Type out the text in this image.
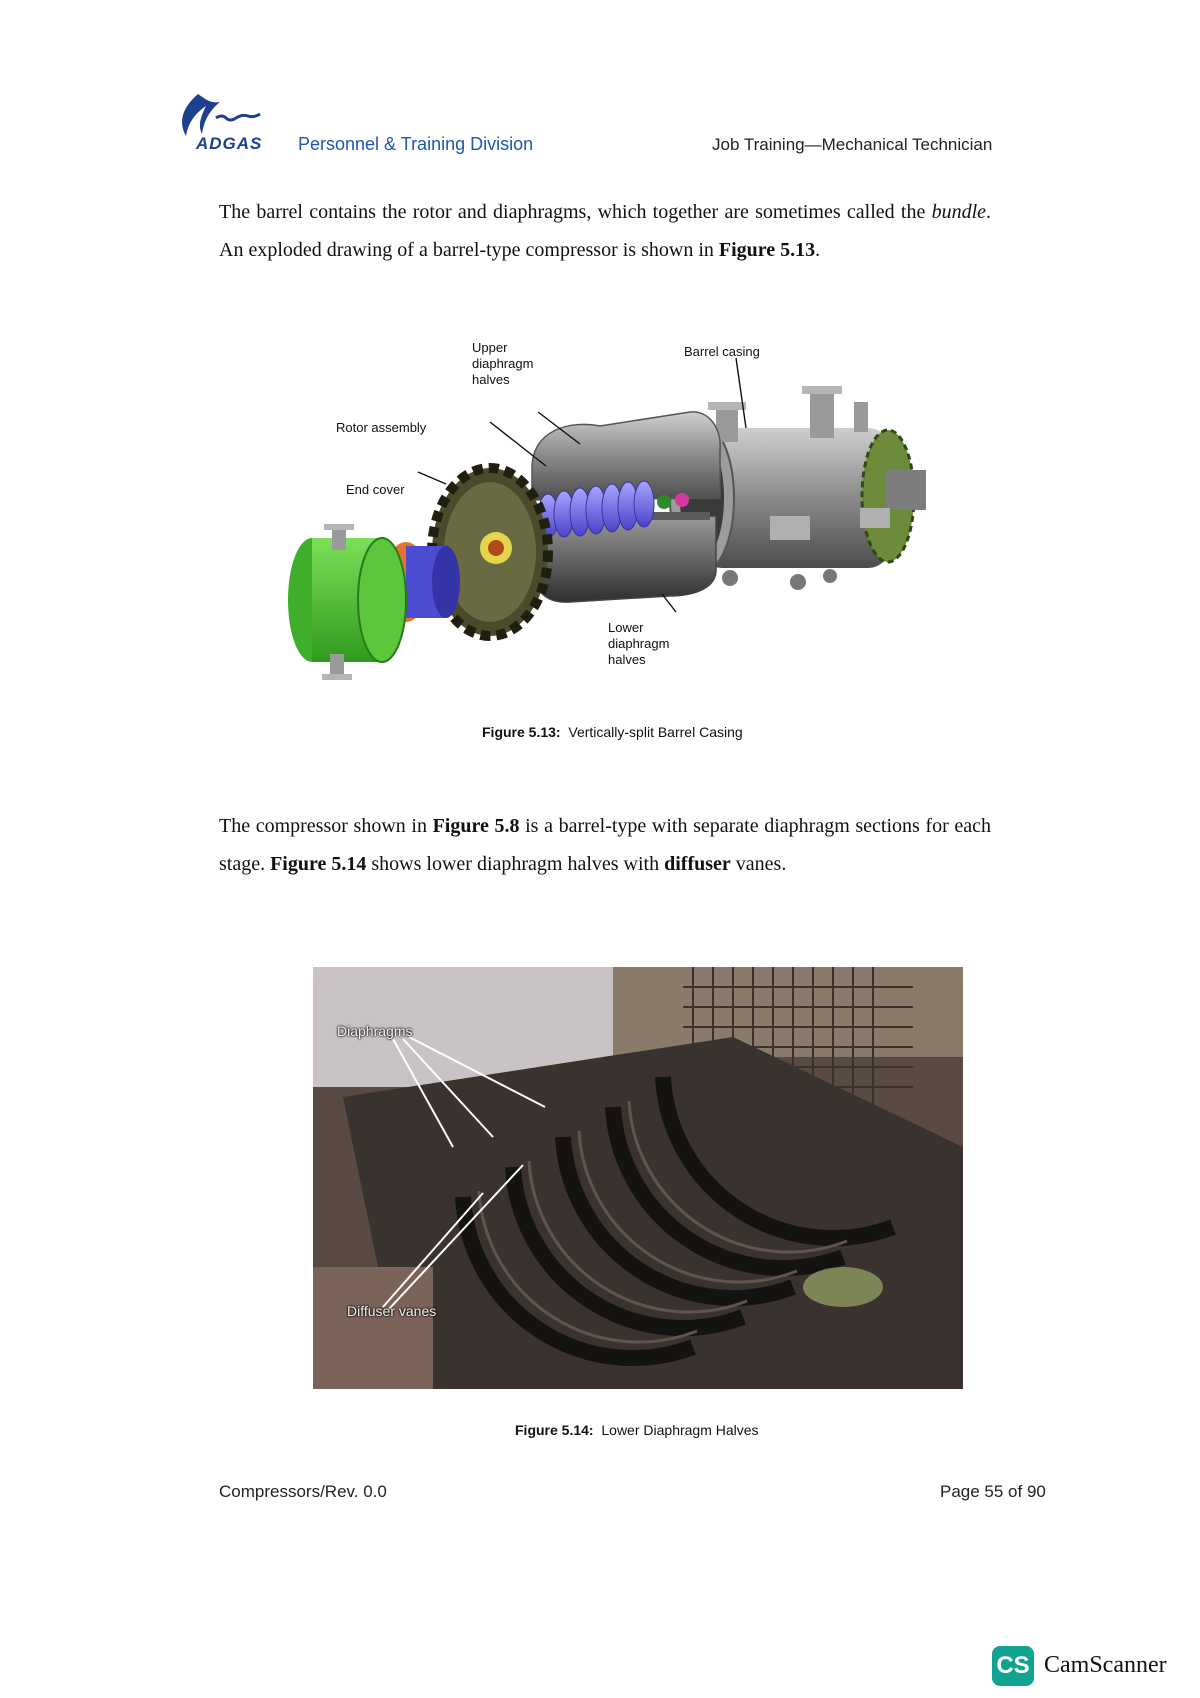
ADGAS Personnel & Training Division	Job Training—Mechanical Technician
The barrel contains the rotor and diaphragms, which together are sometimes called the bundle. An exploded drawing of a barrel-type compressor is shown in Figure 5.13.
Upper
diaphragm
halves
Barrel casing
Rotor assembly
End cover
Lower
diaphragm
halves
Figure 5.13: Vertically-split Barrel Casing
The compressor shown in Figure 5.8 is a barrel-type with separate diaphragm sections for each stage. Figure 5.14 shows lower diaphragm halves with diffuser vanes.
Diaphragms
Diffuser vanes
Figure 5.14: Lower Diaphragm Halves
Compressors/Rev. 0.0	Page 55 of 90
CS CamScanner
